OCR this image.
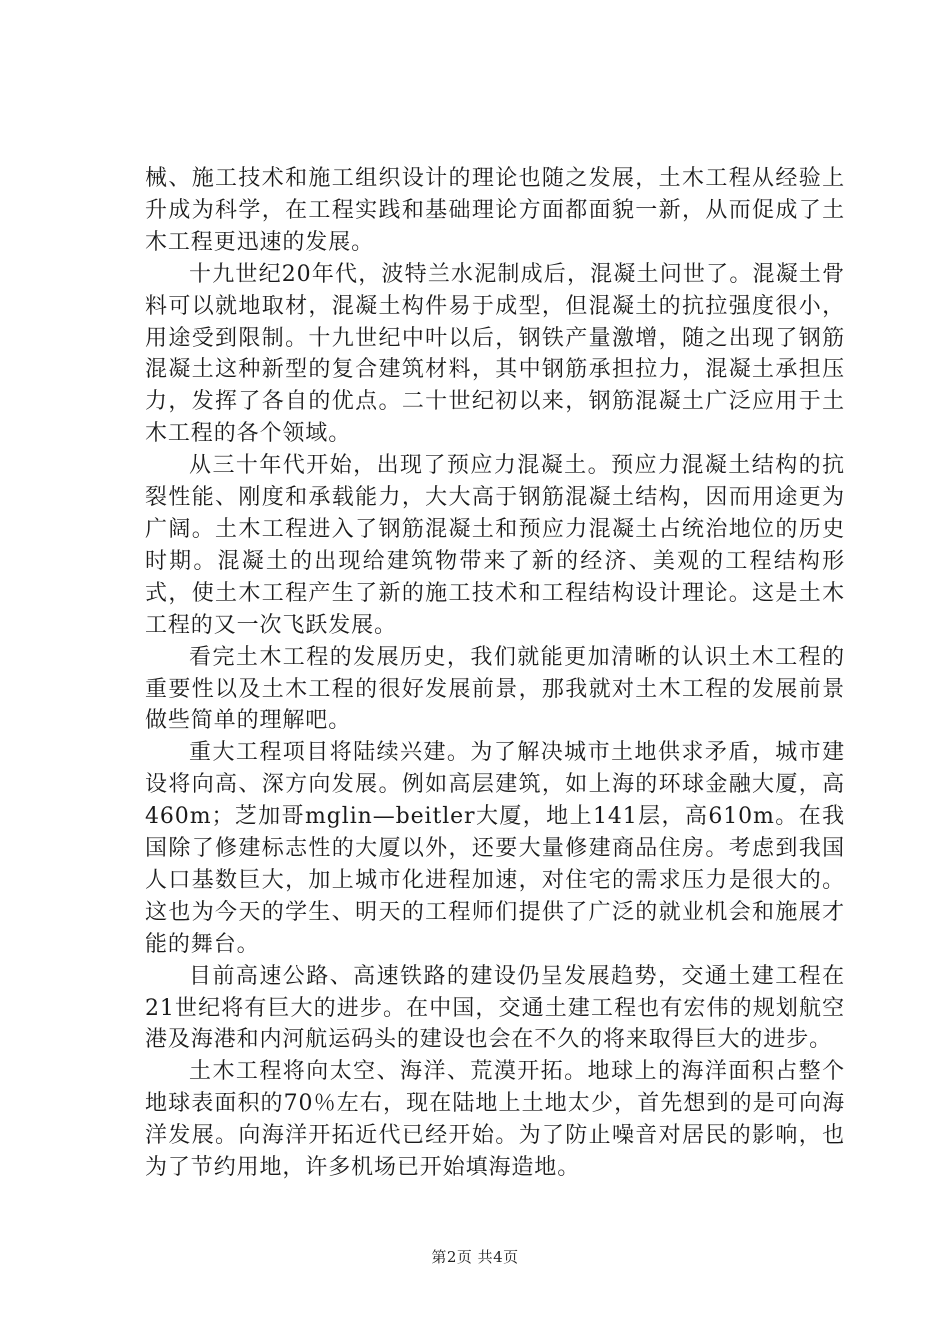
械、施工技术和施工组织设计的理论也随之发展，土木工程从经验上升成为科学，在工程实践和基础理论方面都面貌一新，从而促成了土木工程更迅速的发展。

十九世纪20年代，波特兰水泥制成后，混凝土问世了。混凝土骨料可以就地取材，混凝土构件易于成型，但混凝土的抗拉强度很小，用途受到限制。十九世纪中叶以后，钢铁产量激增，随之出现了钢筋混凝土这种新型的复合建筑材料，其中钢筋承担拉力，混凝土承担压力，发挥了各自的优点。二十世纪初以来，钢筋混凝土广泛应用于土木工程的各个领域。

从三十年代开始，出现了预应力混凝土。预应力混凝土结构的抗裂性能、刚度和承载能力，大大高于钢筋混凝土结构，因而用途更为广阔。土木工程进入了钢筋混凝土和预应力混凝土占统治地位的历史时期。混凝土的出现给建筑物带来了新的经济、美观的工程结构形式，使土木工程产生了新的施工技术和工程结构设计理论。这是土木工程的又一次飞跃发展。

看完土木工程的发展历史，我们就能更加清晰的认识土木工程的重要性以及土木工程的很好发展前景，那我就对土木工程的发展前景做些简单的理解吧。

重大工程项目将陆续兴建。为了解决城市土地供求矛盾，城市建设将向高、深方向发展。例如高层建筑，如上海的环球金融大厦，高460m；芝加哥mglin—beitler大厦，地上141层，高610m。在我国除了修建标志性的大厦以外，还要大量修建商品住房。考虑到我国人口基数巨大，加上城市化进程加速，对住宅的需求压力是很大的。这也为今天的学生、明天的工程师们提供了广泛的就业机会和施展才能的舞台。

目前高速公路、高速铁路的建设仍呈发展趋势，交通土建工程在21世纪将有巨大的进步。在中国，交通土建工程也有宏伟的规划航空港及海港和内河航运码头的建设也会在不久的将来取得巨大的进步。

土木工程将向太空、海洋、荒漠开拓。地球上的海洋面积占整个地球表面积的70％左右，现在陆地上土地太少，首先想到的是可向海洋发展。向海洋开拓近代已经开始。为了防止噪音对居民的影响，也为了节约用地，许多机场已开始填海造地。

第2页 共4页
